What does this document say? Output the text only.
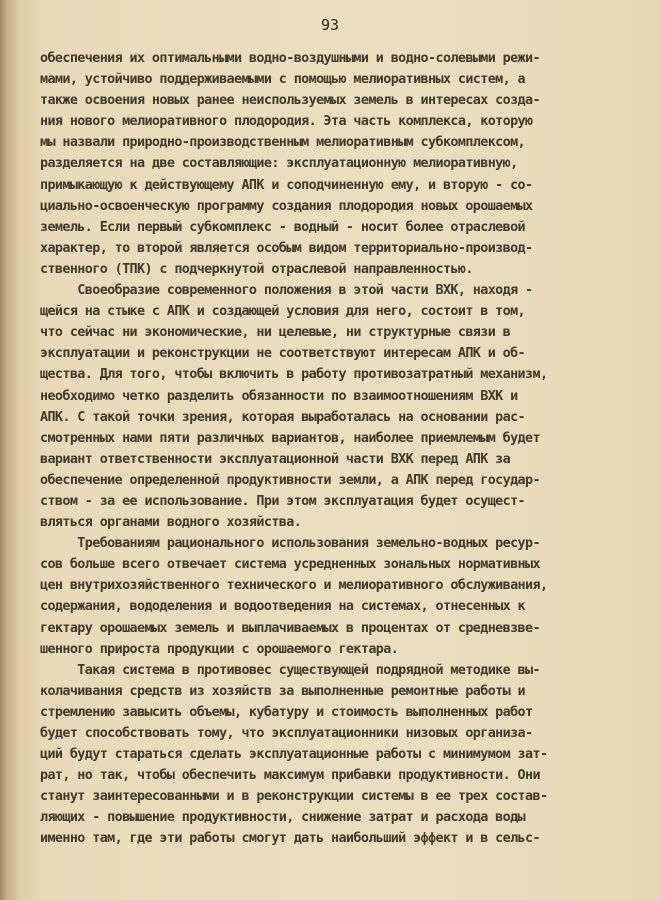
93
обеспечения их оптимальными водно-воздушными и водно-солевыми режи-
мами, устойчиво поддерживаемыми с помощью мелиоративных систем, а
также освоения новых ранее неиспользуемых земель в интересах созда-
ния нового мелиоративного плодородия. Эта часть комплекса, которую
мы назвали природно-производственным мелиоративным субкомплексом,
разделяется на две составляющие: эксплуатационную мелиоративную,
примыкающую к действующему АПК и соподчиненную ему, и вторую - со-
циально-освоенческую программу создания плодородия новых орошаемых
земель. Если первый субкомплекс - водный - носит более отраслевой
характер, то второй является особым видом территориально-производ-
ственного (ТПК) с подчеркнутой отраслевой направленностью.
Своеобразие современного положения в этой части ВХК, находя -
щейся на стыке с АПК и создающей условия для него, состоит в том,
что сейчас ни экономические, ни целевые, ни структурные связи в
эксплуатации и реконструкции не соответствуют интересам АПК и об-
щества. Для того, чтобы включить в работу противозатратный механизм,
необходимо четко разделить обязанности по взаимоотношениям ВХК и
АПК. С такой точки зрения, которая выработалась на основании рас-
смотренных нами пяти различных вариантов, наиболее приемлемым будет
вариант ответственности эксплуатационной части ВХК перед АПК за
обеспечение определенной продуктивности земли, а АПК перед государ-
ством - за ее использование. При этом эксплуатация будет осущест-
вляться органами водного хозяйства.
Требованиям рационального использования земельно-водных ресур-
сов больше всего отвечает система усредненных зональных нормативных
цен внутрихозяйственного технического и мелиоративного обслуживания,
содержания, вододеления и водоотведения на системах, отнесенных к
гектару орошаемых земель и выплачиваемых в процентах от средневзве-
шенного прироста продукции с орошаемого гектара.
Такая система в противовес существующей подрядной методике вы-
колачивания средств из хозяйств за выполненные ремонтные работы и
стремлению завысить объемы, кубатуру и стоимость выполненных работ
будет способствовать тому, что эксплуатационники низовых организа-
ций будут стараться сделать эксплуатационные работы с минимумом зат-
рат, но так, чтобы обеспечить максимум прибавки продуктивности. Они
станут заинтересованными и в реконструкции системы в ее трех состав-
ляющих - повышение продуктивности, снижение затрат и расхода воды
именно там, где эти работы смогут дать наибольший эффект и в сельс-
